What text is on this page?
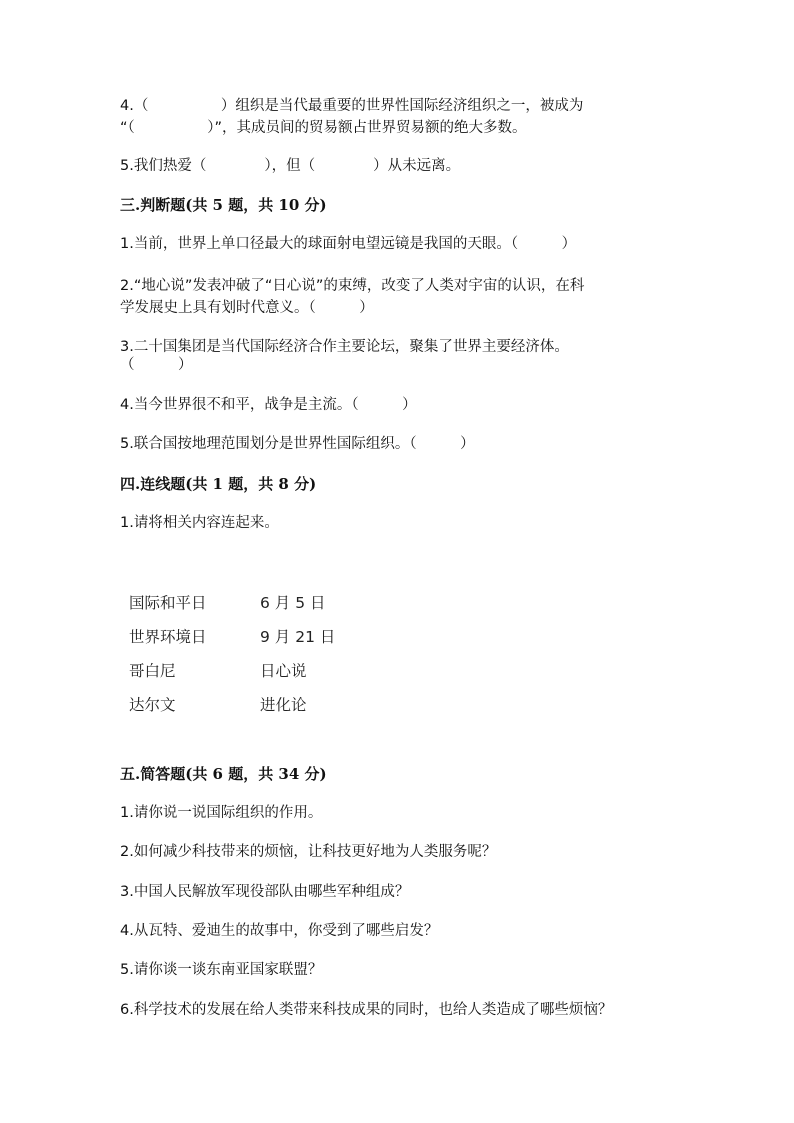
4.（　　　　　）组织是当代最重要的世界性国际经济组织之一，被成为
“（　　　　　）”，其成员间的贸易额占世界贸易额的绝大多数。
5.我们热爱（　　　　），但（　　　　）从未远离。
三.判断题(共 5 题，共 10 分)
1.当前，世界上单口径最大的球面射电望远镜是我国的天眼。（　　　）
2.“地心说”发表冲破了“日心说”的束缚，改变了人类对宇宙的认识，在科
学发展史上具有划时代意义。（　　　）
3.二十国集团是当代国际经济合作主要论坛，聚集了世界主要经济体。
（　　　）
4.当今世界很不和平，战争是主流。（　　　）
5.联合国按地理范围划分是世界性国际组织。（　　　）
四.连线题(共 1 题，共 8 分)
1.请将相关内容连起来。
国际和平日	6 月 5 日
世界环境日	9 月 21 日
哥白尼	日心说
达尔文	进化论
五.简答题(共 6 题，共 34 分)
1.请你说一说国际组织的作用。
2.如何减少科技带来的烦恼，让科技更好地为人类服务呢？
3.中国人民解放军现役部队由哪些军种组成？
4.从瓦特、爱迪生的故事中，你受到了哪些启发？
5.请你谈一谈东南亚国家联盟？
6.科学技术的发展在给人类带来科技成果的同时，也给人类造成了哪些烦恼？
